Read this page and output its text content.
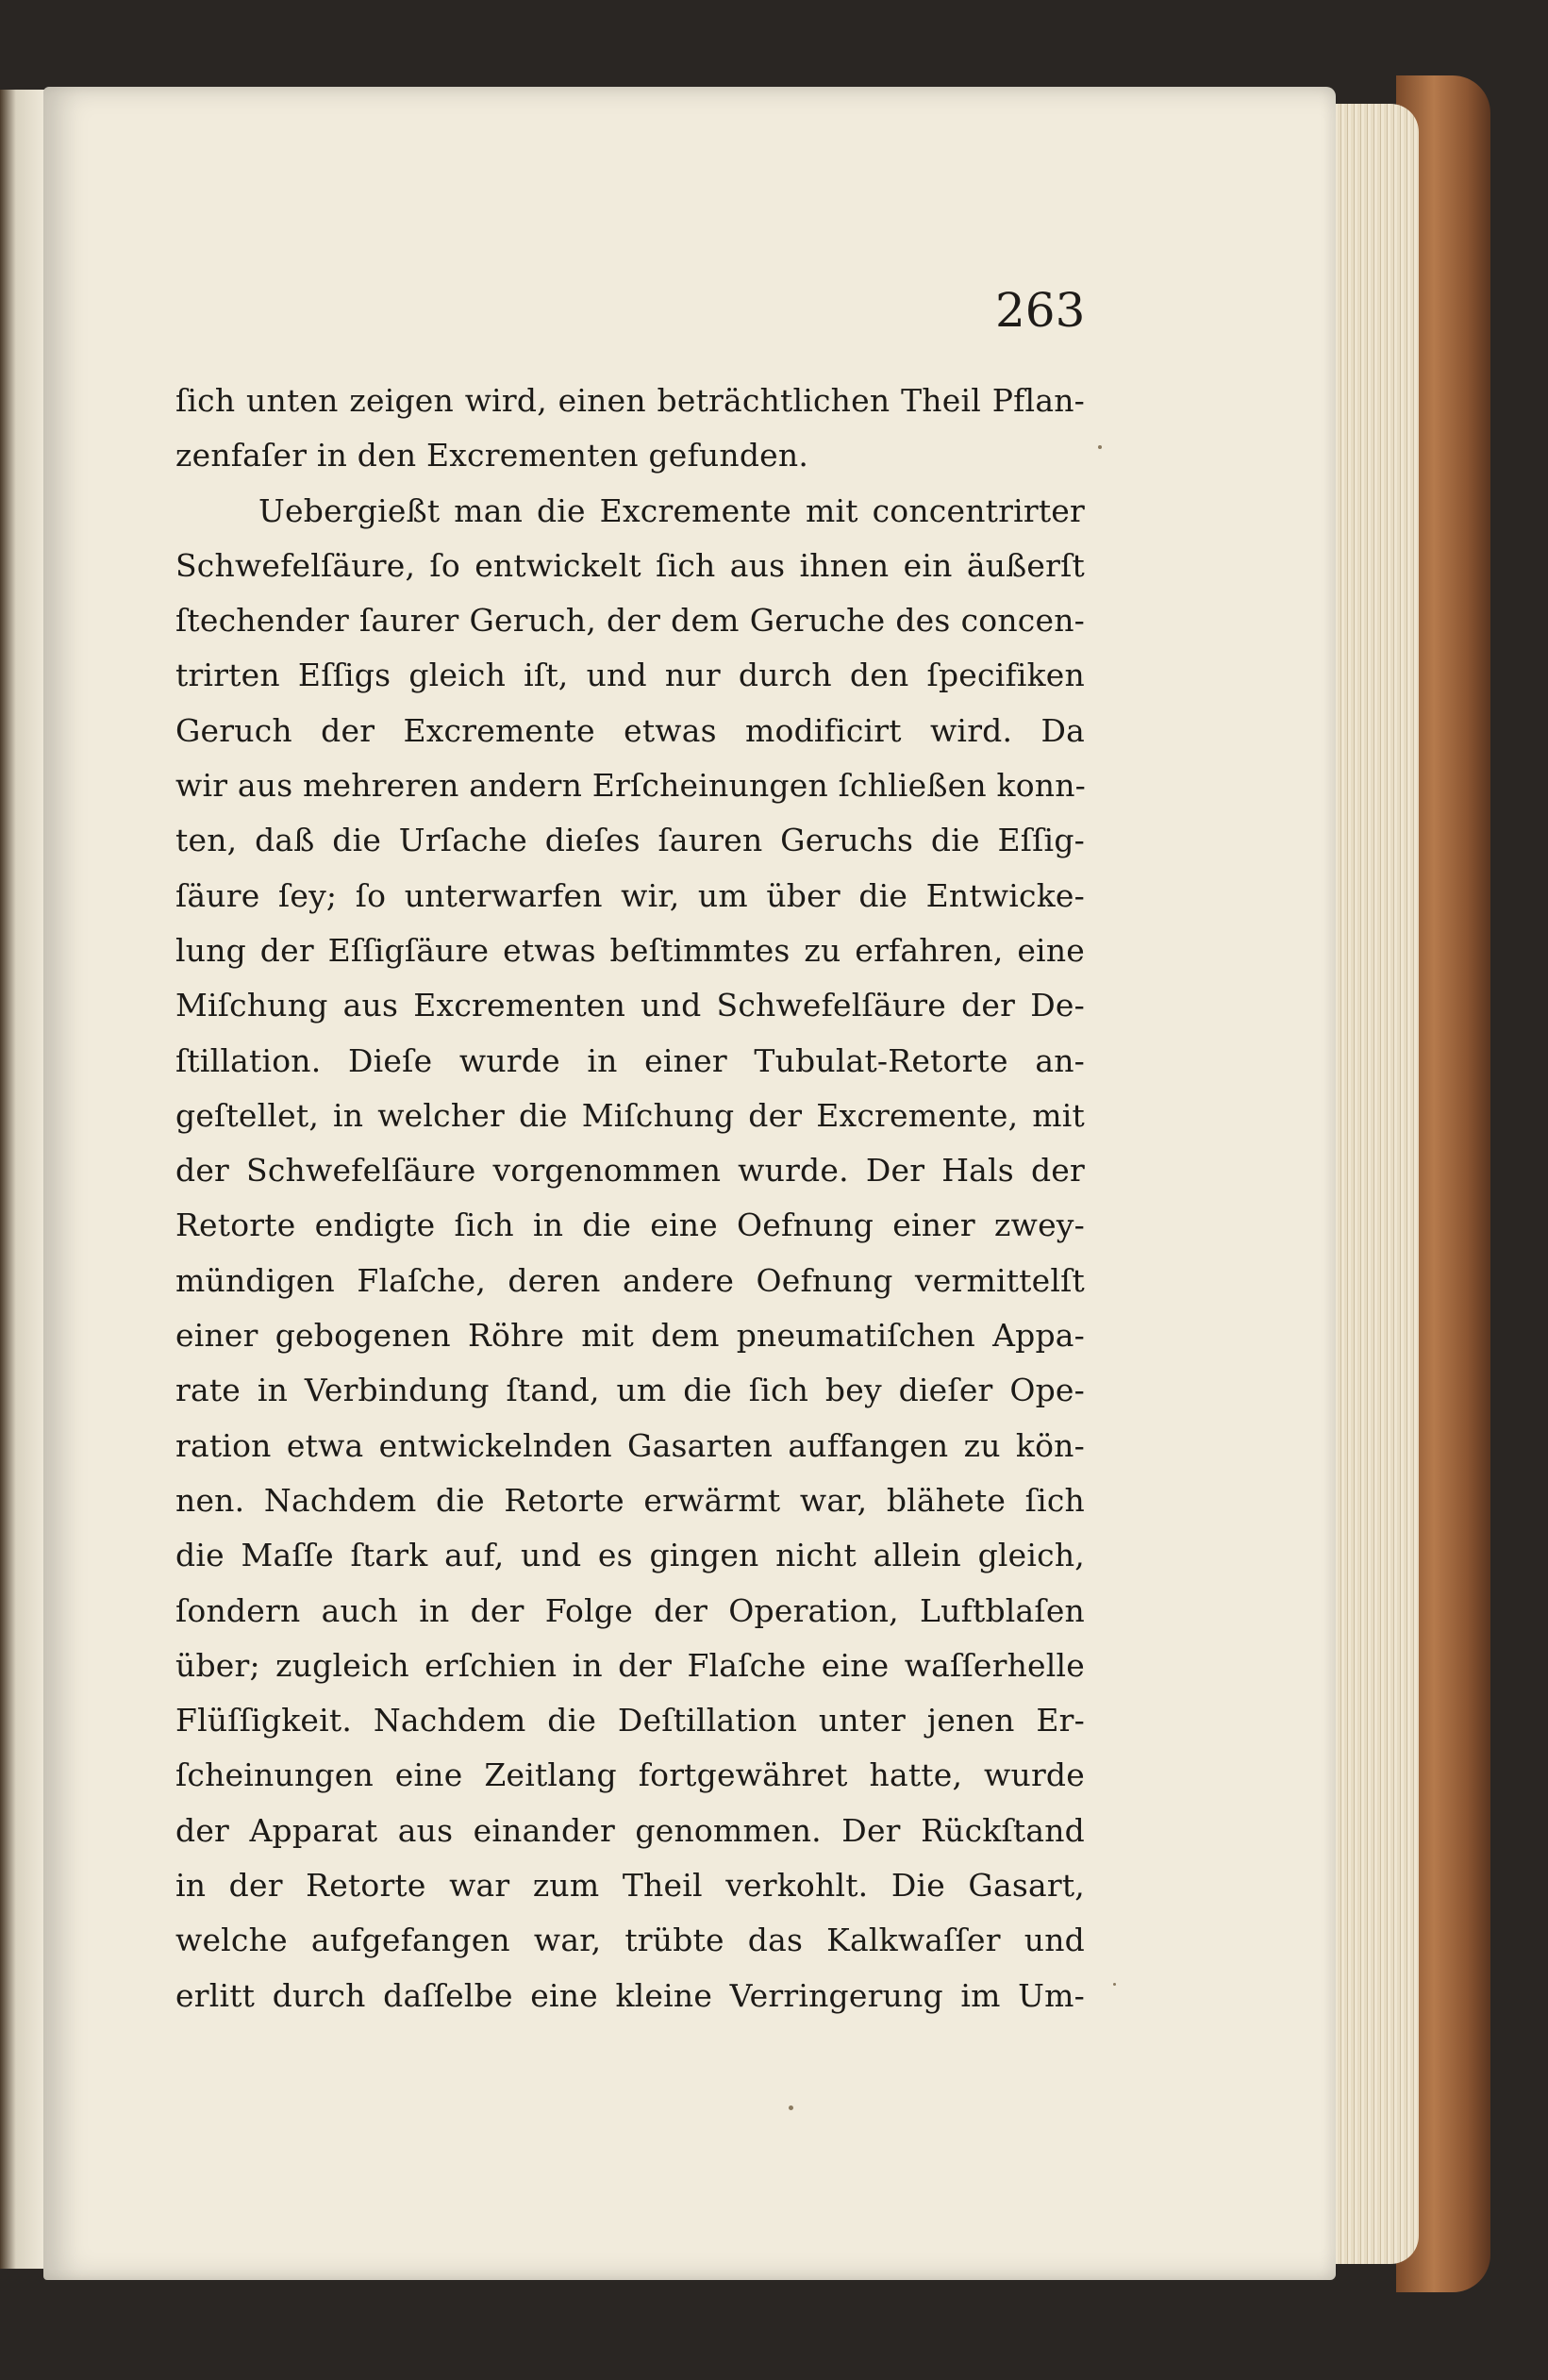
263
ſich unten zeigen wird, einen beträchtlichen Theil Pflan-
zenfaſer in den Excrementen gefunden.
Uebergießt man die Excremente mit concentrirter
Schwefelſäure, ſo entwickelt ſich aus ihnen ein äußerſt
ſtechender ſaurer Geruch, der dem Geruche des concen-
trirten Eſſigs gleich iſt, und nur durch den ſpecifiken
Geruch der Excremente etwas modificirt wird. Da
wir aus mehreren andern Erſcheinungen ſchließen konn-
ten, daß die Urſache dieſes ſauren Geruchs die Eſſig-
ſäure ſey; ſo unterwarfen wir, um über die Entwicke-
lung der Eſſigſäure etwas beſtimmtes zu erfahren, eine
Miſchung aus Excrementen und Schwefelſäure der De-
ſtillation. Dieſe wurde in einer Tubulat-Retorte an-
geſtellet, in welcher die Miſchung der Excremente, mit
der Schwefelſäure vorgenommen wurde. Der Hals der
Retorte endigte ſich in die eine Oefnung einer zwey-
mündigen Flaſche, deren andere Oefnung vermittelſt
einer gebogenen Röhre mit dem pneumatiſchen Appa-
rate in Verbindung ſtand, um die ſich bey dieſer Ope-
ration etwa entwickelnden Gasarten auffangen zu kön-
nen. Nachdem die Retorte erwärmt war, blähete ſich
die Maſſe ſtark auf, und es gingen nicht allein gleich,
ſondern auch in der Folge der Operation, Luftblaſen
über; zugleich erſchien in der Flaſche eine waſſerhelle
Flüſſigkeit. Nachdem die Deſtillation unter jenen Er-
ſcheinungen eine Zeitlang fortgewähret hatte, wurde
der Apparat aus einander genommen. Der Rückſtand
in der Retorte war zum Theil verkohlt. Die Gasart,
welche aufgefangen war, trübte das Kalkwaſſer und
erlitt durch daſſelbe eine kleine Verringerung im Um-
